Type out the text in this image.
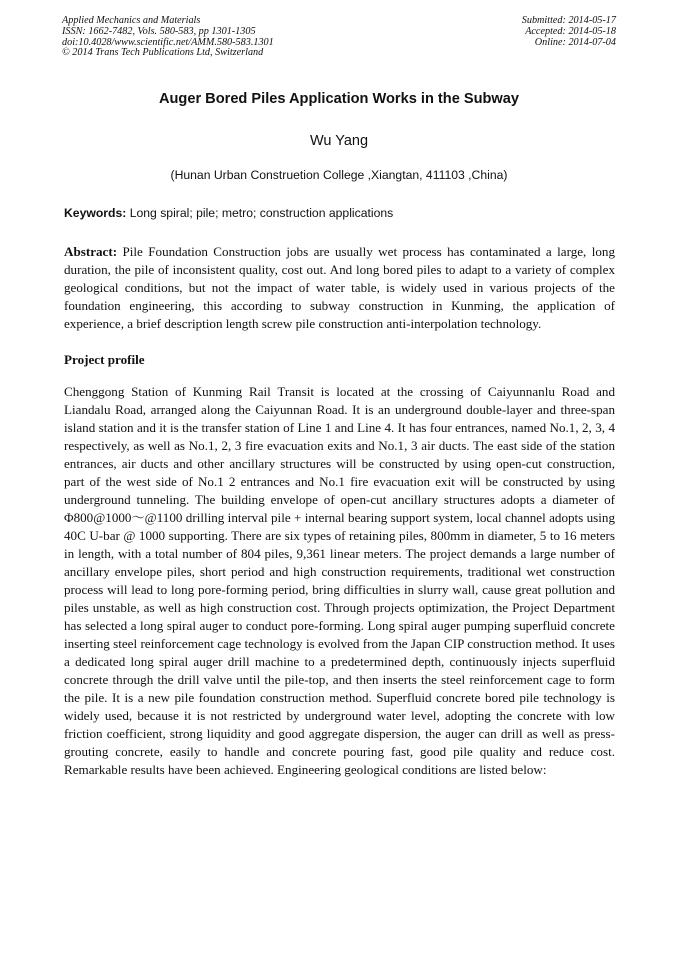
Applied Mechanics and Materials
ISSN: 1662-7482, Vols. 580-583, pp 1301-1305
doi:10.4028/www.scientific.net/AMM.580-583.1301
© 2014 Trans Tech Publications Ltd, Switzerland
Submitted: 2014-05-17
Accepted: 2014-05-18
Online: 2014-07-04
Auger Bored Piles Application Works in the Subway
Wu Yang
(Hunan Urban Construetion College ,Xiangtan, 411103 ,China)
Keywords: Long spiral; pile; metro; construction applications

Abstract: Pile Foundation Construction jobs are usually wet process has contaminated a large, long duration, the pile of inconsistent quality, cost out. And long bored piles to adapt to a variety of complex geological conditions, but not the impact of water table, is widely used in various projects of the foundation engineering, this according to subway construction in Kunming, the application of experience, a brief description length screw pile construction anti-interpolation technology.

Project profile

Chenggong Station of Kunming Rail Transit is located at the crossing of Caiyunnanlu Road and Liandalu Road, arranged along the Caiyunnan Road. It is an underground double-layer and three-span island station and it is the transfer station of Line 1 and Line 4. It has four entrances, named No.1, 2, 3, 4 respectively, as well as No.1, 2, 3 fire evacuation exits and No.1, 3 air ducts. The east side of the station entrances, air ducts and other ancillary structures will be constructed by using open-cut construction, part of the west side of No.1 2 entrances and No.1 fire evacuation exit will be constructed by using underground tunneling. The building envelope of open-cut ancillary structures adopts a diameter of Φ800@1000～@1100 drilling interval pile + internal bearing support system, local channel adopts using 40C U-bar @ 1000 supporting. There are six types of retaining piles, 800mm in diameter, 5 to 16 meters in length, with a total number of 804 piles, 9,361 linear meters. The project demands a large number of ancillary envelope piles, short period and high construction requirements, traditional wet construction process will lead to long pore-forming period, bring difficulties in slurry wall, cause great pollution and piles unstable, as well as high construction cost. Through projects optimization, the Project Department has selected a long spiral auger to conduct pore-forming. Long spiral auger pumping superfluid concrete inserting steel reinforcement cage technology is evolved from the Japan CIP construction method. It uses a dedicated long spiral auger drill machine to a predetermined depth, continuously injects superfluid concrete through the drill valve until the pile-top, and then inserts the steel reinforcement cage to form the pile. It is a new pile foundation construction method. Superfluid concrete bored pile technology is widely used, because it is not restricted by underground water level, adopting the concrete with low friction coefficient, strong liquidity and good aggregate dispersion, the auger can drill as well as press-grouting concrete, easily to handle and concrete pouring fast, good pile quality and reduce cost. Remarkable results have been achieved. Engineering geological conditions are listed below:
